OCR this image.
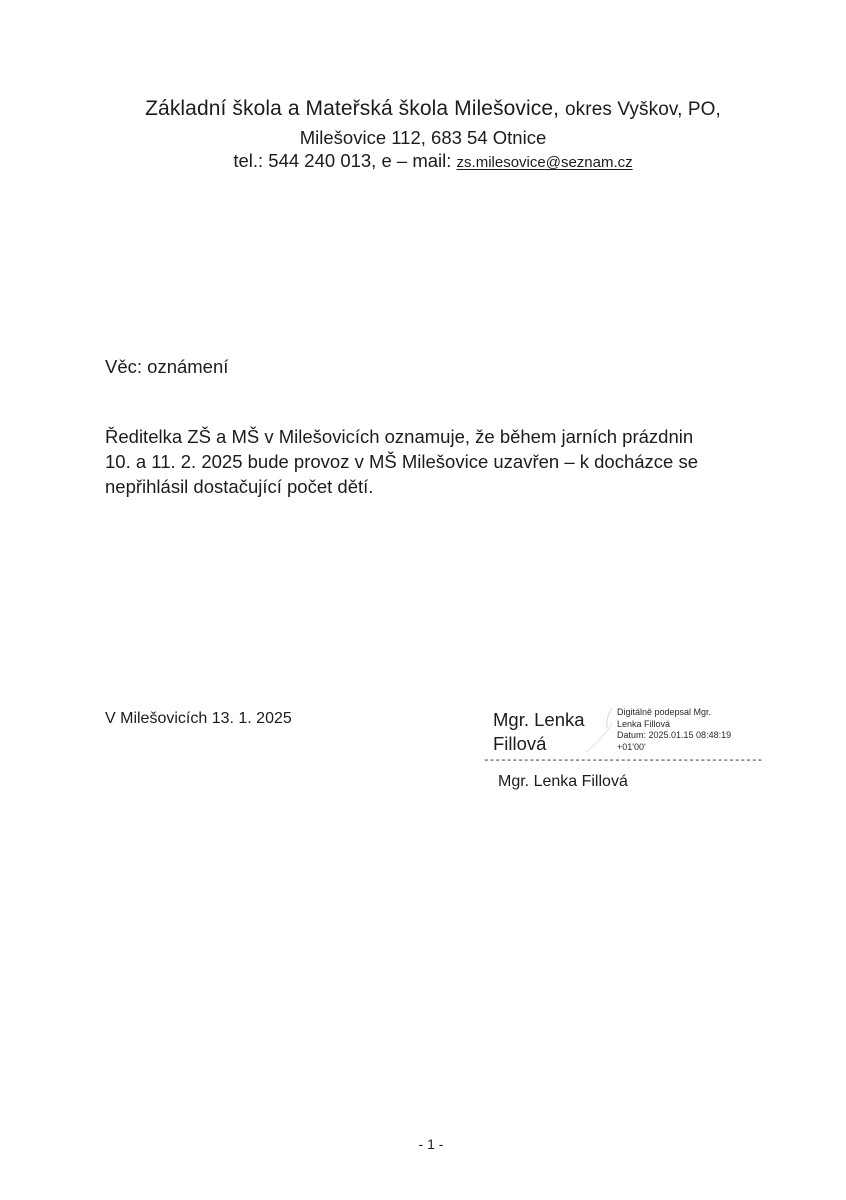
Základní škola a Mateřská škola Milešovice, okres Vyškov, PO,
Milešovice 112, 683 54 Otnice
tel.: 544 240 013, e – mail: zs.milesovice@seznam.cz
Věc: oznámení
Ředitelka ZŠ a MŠ v Milešovicích oznamuje, že během jarních prázdnin
10. a 11. 2. 2025 bude provoz v MŠ Milešovice uzavřen – k docházce se
nepřihlásil dostačující počet dětí.
V Milešovicích 13. 1. 2025	Mgr. Lenka
Fillová
Digitálně podepsal Mgr.
Lenka Fillová
Datum: 2025.01.15 08:48:19
+01'00'
-------------------------------------------------
Mgr. Lenka Fillová
- 1 -
